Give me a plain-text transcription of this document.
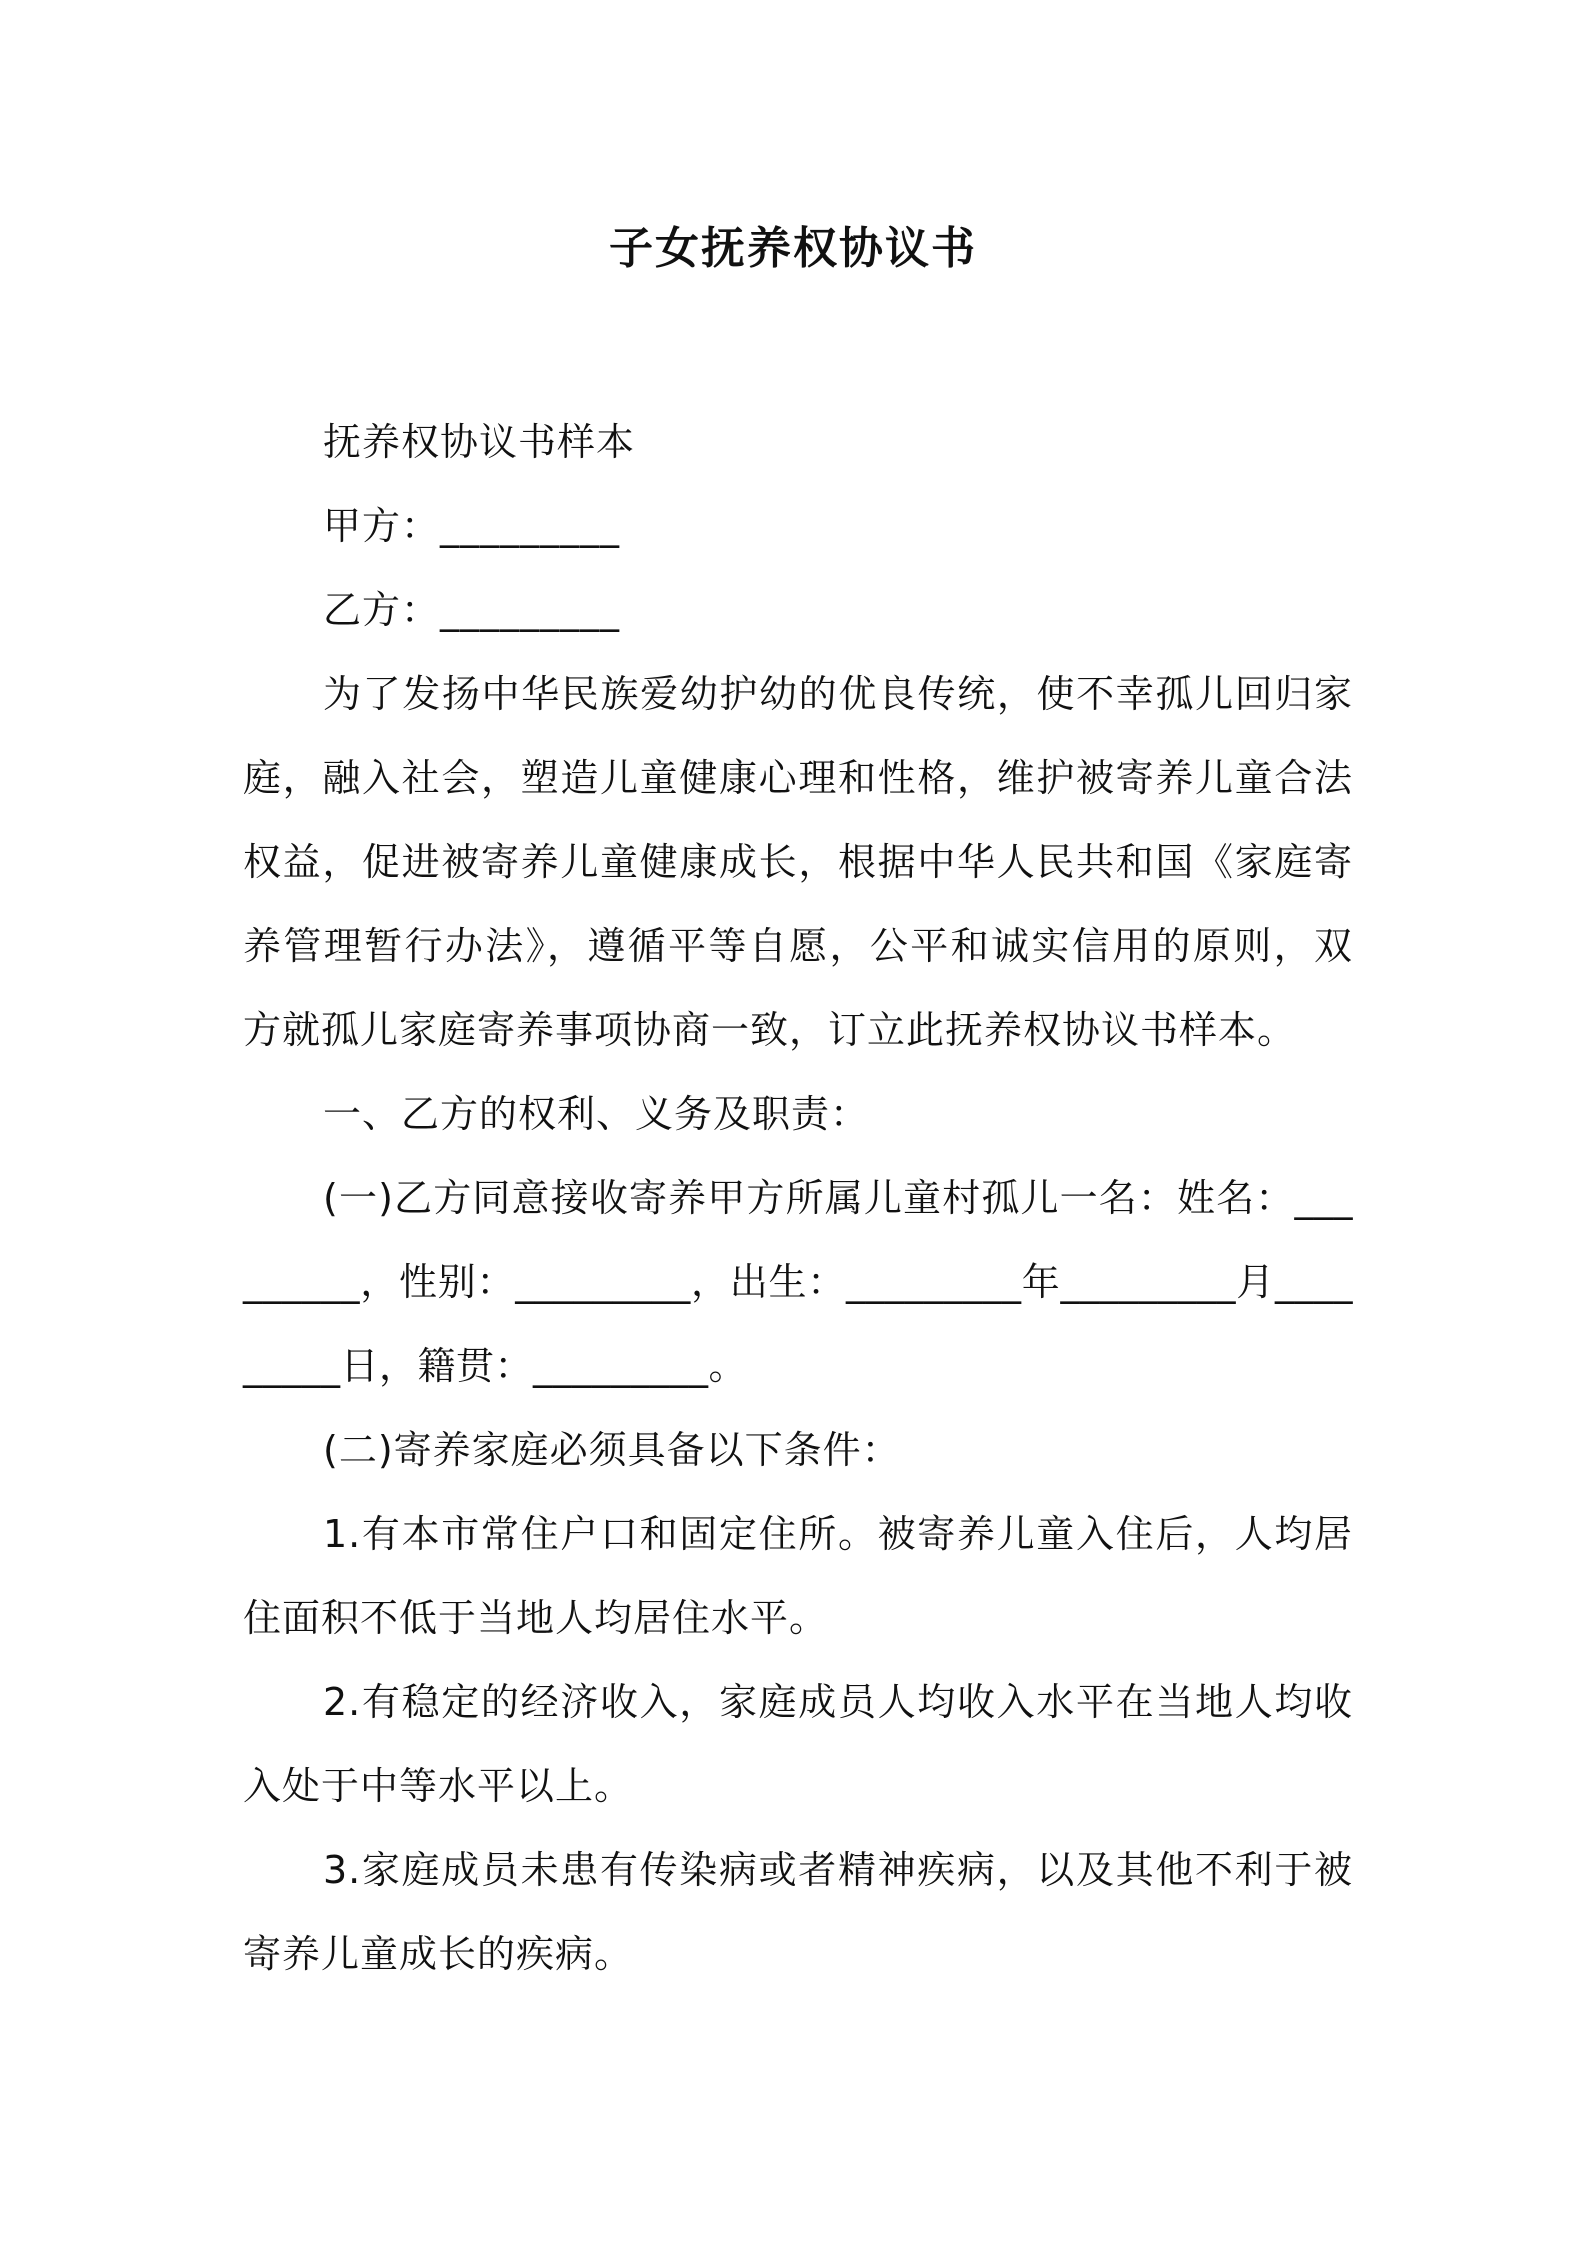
子女抚养权协议书

抚养权协议书样本

甲方：_________

乙方：_________

为了发扬中华民族爱幼护幼的优良传统，使不幸孤儿回归家庭，融入社会，塑造儿童健康心理和性格，维护被寄养儿童合法权益，促进被寄养儿童健康成长，根据中华人民共和国《家庭寄养管理暂行办法》，遵循平等自愿，公平和诚实信用的原则，双方就孤儿家庭寄养事项协商一致，订立此抚养权协议书样本。

一、乙方的权利、义务及职责：

(一)乙方同意接收寄养甲方所属儿童村孤儿一名：姓名：_________，性别：_________，出生：_________年_________月_________日，籍贯：_________。

(二)寄养家庭必须具备以下条件：

1.有本市常住户口和固定住所。被寄养儿童入住后，人均居住面积不低于当地人均居住水平。

2.有稳定的经济收入，家庭成员人均收入水平在当地人均收入处于中等水平以上。

3.家庭成员未患有传染病或者精神疾病，以及其他不利于被寄养儿童成长的疾病。
